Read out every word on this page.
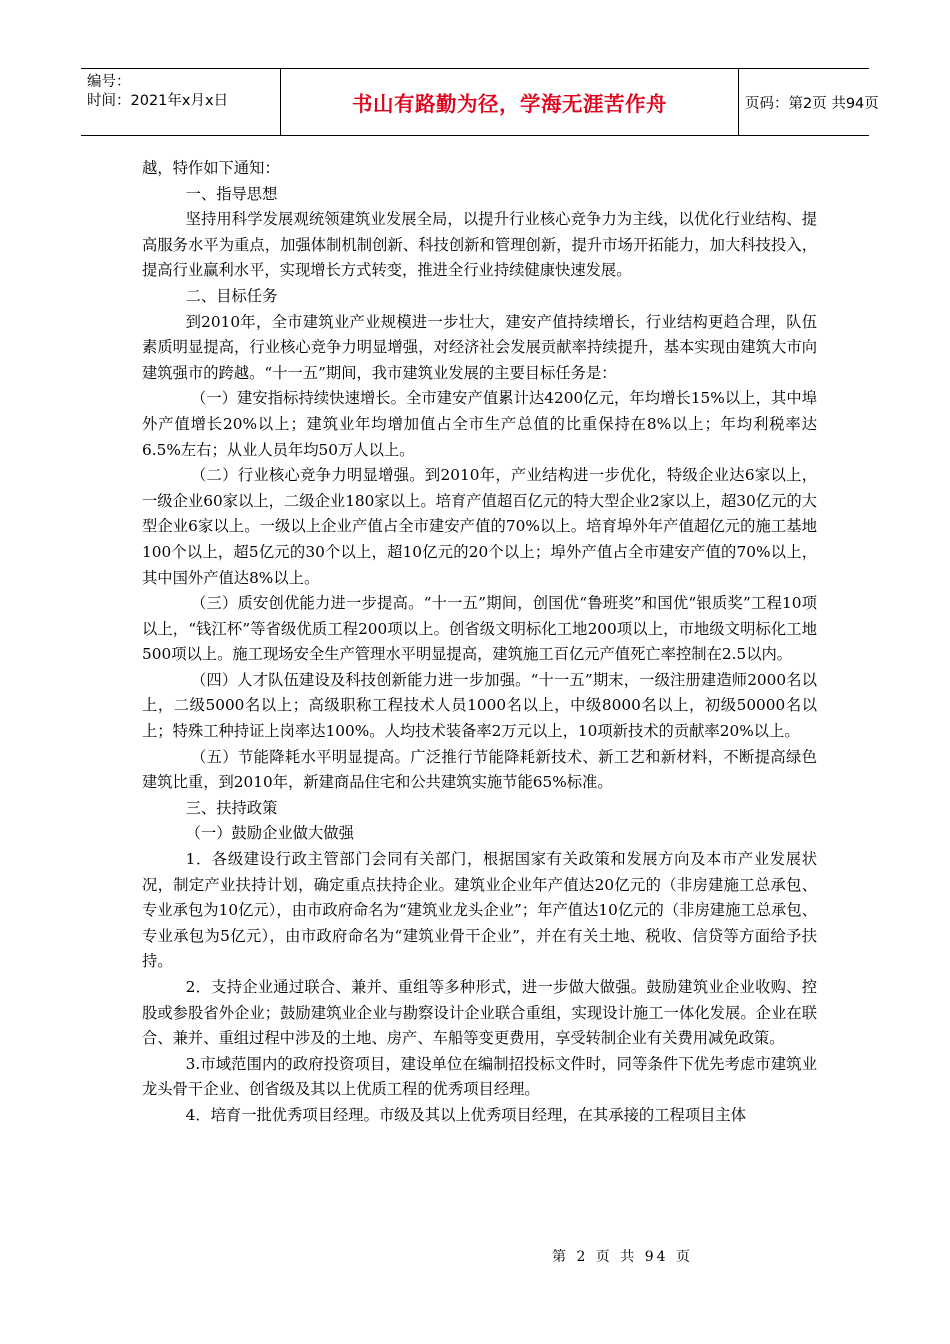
编号：
时间：2021年x月x日	书山有路勤为径，学海无涯苦作舟	页码：第2页 共94页

越，特作如下通知：

一、指导思想

坚持用科学发展观统领建筑业发展全局，以提升行业核心竞争力为主线，以优化行业结构、提高服务水平为重点，加强体制机制创新、科技创新和管理创新，提升市场开拓能力，加大科技投入，提高行业赢利水平，实现增长方式转变，推进全行业持续健康快速发展。

二、目标任务

到2010年，全市建筑业产业规模进一步壮大，建安产值持续增长，行业结构更趋合理，队伍素质明显提高，行业核心竞争力明显增强，对经济社会发展贡献率持续提升，基本实现由建筑大市向建筑强市的跨越。“十一五”期间，我市建筑业发展的主要目标任务是：

（一）建安指标持续快速增长。全市建安产值累计达4200亿元，年均增长15%以上，其中埠外产值增长20%以上；建筑业年均增加值占全市生产总值的比重保持在8%以上；年均利税率达6.5%左右；从业人员年均50万人以上。

（二）行业核心竞争力明显增强。到2010年，产业结构进一步优化，特级企业达6家以上，一级企业60家以上，二级企业180家以上。培育产值超百亿元的特大型企业2家以上，超30亿元的大型企业6家以上。一级以上企业产值占全市建安产值的70%以上。培育埠外年产值超亿元的施工基地100个以上，超5亿元的30个以上，超10亿元的20个以上；埠外产值占全市建安产值的70%以上，其中国外产值达8%以上。

（三）质安创优能力进一步提高。“十一五”期间，创国优“鲁班奖”和国优“银质奖”工程10项以上，“钱江杯”等省级优质工程200项以上。创省级文明标化工地200项以上，市地级文明标化工地500项以上。施工现场安全生产管理水平明显提高，建筑施工百亿元产值死亡率控制在2.5以内。

（四）人才队伍建设及科技创新能力进一步加强。“十一五”期末，一级注册建造师2000名以上，二级5000名以上；高级职称工程技术人员1000名以上，中级8000名以上，初级50000名以上；特殊工种持证上岗率达100%。人均技术装备率2万元以上，10项新技术的贡献率20%以上。

（五）节能降耗水平明显提高。广泛推行节能降耗新技术、新工艺和新材料，不断提高绿色建筑比重，到2010年，新建商品住宅和公共建筑实施节能65%标准。

三、扶持政策

（一）鼓励企业做大做强

1．各级建设行政主管部门会同有关部门，根据国家有关政策和发展方向及本市产业发展状况，制定产业扶持计划，确定重点扶持企业。建筑业企业年产值达20亿元的（非房建施工总承包、专业承包为10亿元），由市政府命名为“建筑业龙头企业”；年产值达10亿元的（非房建施工总承包、专业承包为5亿元），由市政府命名为“建筑业骨干企业”，并在有关土地、税收、信贷等方面给予扶持。

2．支持企业通过联合、兼并、重组等多种形式，进一步做大做强。鼓励建筑业企业收购、控股或参股省外企业；鼓励建筑业企业与勘察设计企业联合重组，实现设计施工一体化发展。企业在联合、兼并、重组过程中涉及的土地、房产、车船等变更费用，享受转制企业有关费用减免政策。

3.市域范围内的政府投资项目，建设单位在编制招投标文件时，同等条件下优先考虑市建筑业龙头骨干企业、创省级及其以上优质工程的优秀项目经理。

4．培育一批优秀项目经理。市级及其以上优秀项目经理，在其承接的工程项目主体

第 2 页 共 94 页
